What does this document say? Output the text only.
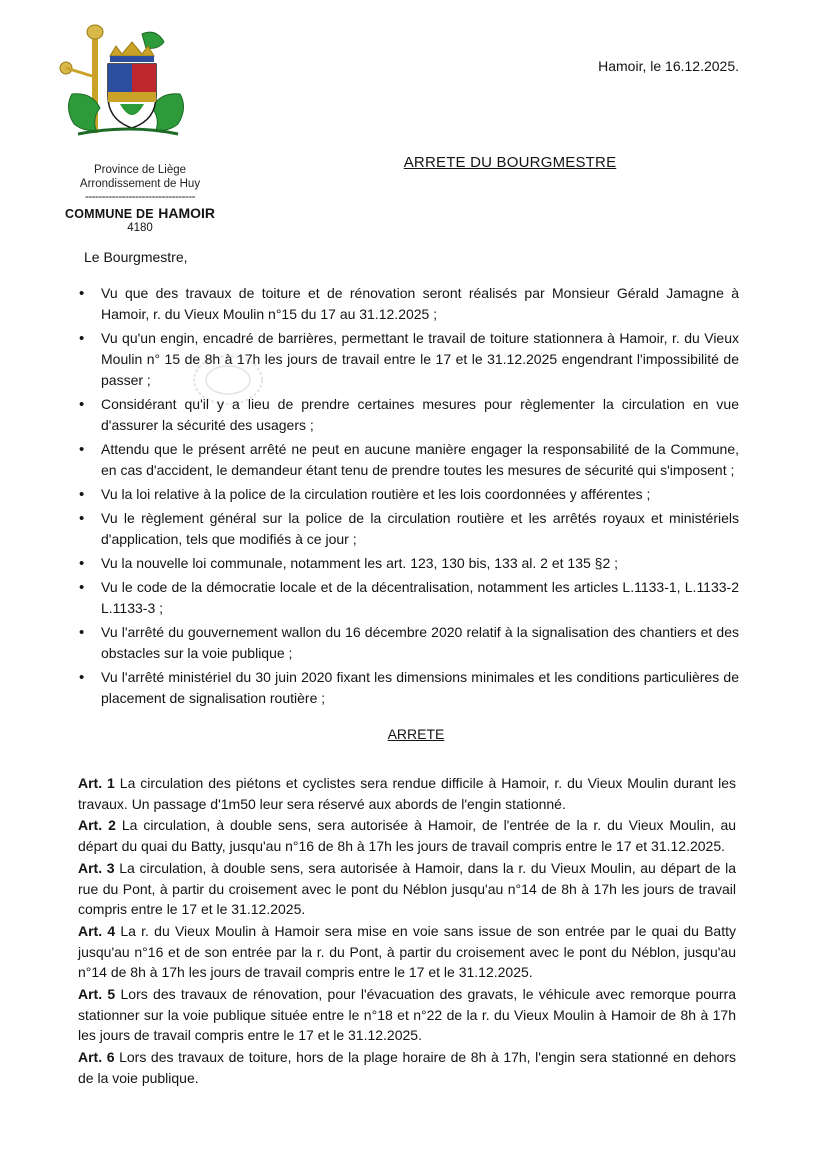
Province de Liège
Arrondissement de Huy
---------------------------------
COMMUNE DE HAMOIR
4180
Hamoir, le 16.12.2025.
ARRETE DU BOURGMESTRE
Le Bourgmestre,
• Vu que des travaux de toiture et de rénovation seront réalisés par Monsieur Gérald Jamagne à Hamoir, r. du Vieux Moulin n°15 du 17 au 31.12.2025 ;
• Vu qu'un engin, encadré de barrières, permettant le travail de toiture stationnera à Hamoir, r. du Vieux Moulin n° 15 de 8h à 17h les jours de travail entre le 17 et le 31.12.2025 engendrant l'impossibilité de passer ;
• Considérant qu'il y a lieu de prendre certaines mesures pour règlementer la circulation en vue d'assurer la sécurité des usagers ;
• Attendu que le présent arrêté ne peut en aucune manière engager la responsabilité de la Commune, en cas d'accident, le demandeur étant tenu de prendre toutes les mesures de sécurité qui s'imposent ;
• Vu la loi relative à la police de la circulation routière et les lois coordonnées y afférentes ;
• Vu le règlement général sur la police de la circulation routière et les arrêtés royaux et ministériels d'application, tels que modifiés à ce jour ;
• Vu la nouvelle loi communale, notamment les art. 123, 130 bis, 133 al. 2 et 135 §2 ;
• Vu le code de la démocratie locale et de la décentralisation, notamment les articles L.1133-1, L.1133-2 L.1133-3 ;
• Vu l'arrêté du gouvernement wallon du 16 décembre 2020 relatif à la signalisation des chantiers et des obstacles sur la voie publique ;
• Vu l'arrêté ministériel du 30 juin 2020 fixant les dimensions minimales et les conditions particulières de placement de signalisation routière ;
ARRETE

Art. 1 La circulation des piétons et cyclistes sera rendue difficile à Hamoir, r. du Vieux Moulin durant les travaux. Un passage d'1m50 leur sera réservé aux abords de l'engin stationné.

Art. 2 La circulation, à double sens, sera autorisée à Hamoir, de l'entrée de la r. du Vieux Moulin, au départ du quai du Batty, jusqu'au n°16 de 8h à 17h les jours de travail compris entre le 17 et 31.12.2025.

Art. 3 La circulation, à double sens, sera autorisée à Hamoir, dans la r. du Vieux Moulin, au départ de la rue du Pont, à partir du croisement avec le pont du Néblon jusqu'au n°14 de 8h à 17h les jours de travail compris entre le 17 et le 31.12.2025.

Art. 4 La r. du Vieux Moulin à Hamoir sera mise en voie sans issue de son entrée par le quai du Batty jusqu'au n°16 et de son entrée par la r. du Pont, à partir du croisement avec le pont du Néblon, jusqu'au n°14 de 8h à 17h les jours de travail compris entre le 17 et le 31.12.2025.

Art. 5 Lors des travaux de rénovation, pour l'évacuation des gravats, le véhicule avec remorque pourra stationner sur la voie publique située entre le n°18 et n°22 de la r. du Vieux Moulin à Hamoir de 8h à 17h les jours de travail compris entre le 17 et le 31.12.2025.

Art. 6 Lors des travaux de toiture, hors de la plage horaire de 8h à 17h, l'engin sera stationné en dehors de la voie publique.
